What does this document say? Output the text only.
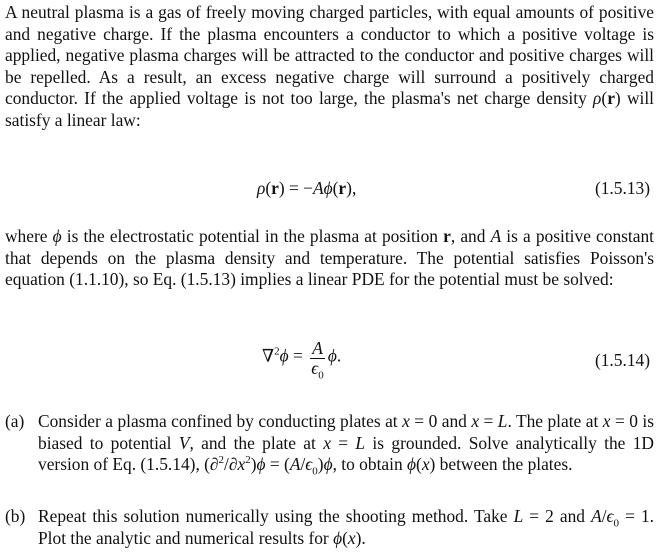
A neutral plasma is a gas of freely moving charged particles, with equal amounts of positive and negative charge. If the plasma encounters a conductor to which a positive voltage is applied, negative plasma charges will be attracted to the conductor and positive charges will be repelled. As a result, an excess negative charge will surround a positively charged conductor. If the applied voltage is not too large, the plasma's net charge density ρ(r) will satisfy a linear law:

ρ(r) = −Aϕ(r),	(1.5.13)

where ϕ is the electrostatic potential in the plasma at position r, and A is a positive constant that depends on the plasma density and temperature. The potential satisfies Poisson's equation (1.1.10), so Eq. (1.5.13) implies a linear PDE for the potential must be solved:

$\nabla^2\phi = \frac{A}{\epsilon_0} \phi$.	(1.5.14)
(a) Consider a plasma confined by conducting plates at x = 0 and x = L. The plate at x = 0 is biased to potential V, and the plate at x = L is grounded. Solve analytically the 1D version of Eq. (1.5.14), $(\partial^2/\partial x^2)\phi = (A/\epsilon_0)\phi$, to obtain ϕ(x) between the plates.

(b) Repeat this solution numerically using the shooting method. Take L = 2 and $A/\epsilon_0 = 1$. Plot the analytic and numerical results for ϕ(x).
